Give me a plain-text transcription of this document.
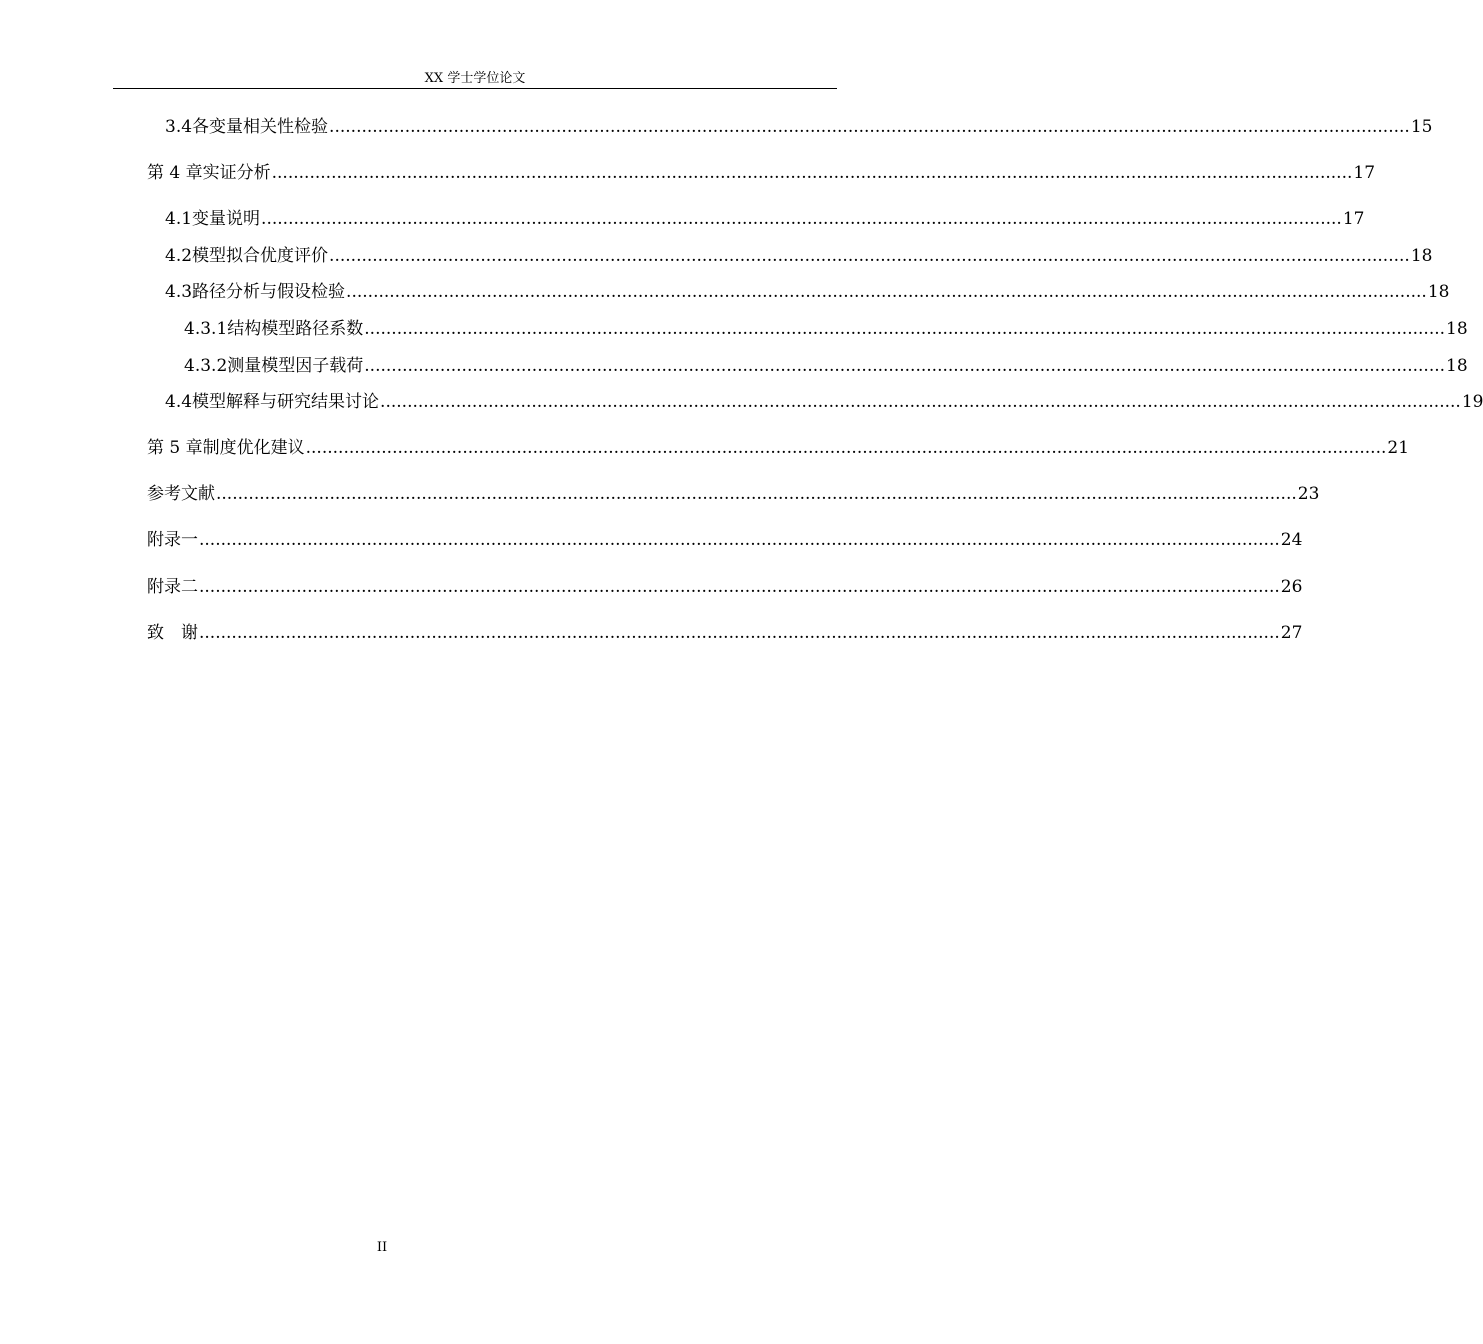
XX 学士学位论文
3.4 各变量相关性检验 ........................................................................................................................................................................................................ 15
第 4 章 实证分析 ........................................................................................................................................................................................................ 17
4.1 变量说明 ........................................................................................................................................................................................................ 17
4.2 模型拟合优度评价 ........................................................................................................................................................................................................ 18
4.3 路径分析与假设检验 ........................................................................................................................................................................................................ 18
4.3.1 结构模型路径系数 ........................................................................................................................................................................................................ 18
4.3.2 测量模型因子载荷 ........................................................................................................................................................................................................ 18
4.4 模型解释与研究结果讨论 ........................................................................................................................................................................................................ 19
第 5 章 制度优化建议 ........................................................................................................................................................................................................ 21
参考文献 ........................................................................................................................................................................................................ 23
附录一 ........................................................................................................................................................................................................ 24
附录二 ........................................................................................................................................................................................................ 26
致　谢 ........................................................................................................................................................................................................ 27
II
